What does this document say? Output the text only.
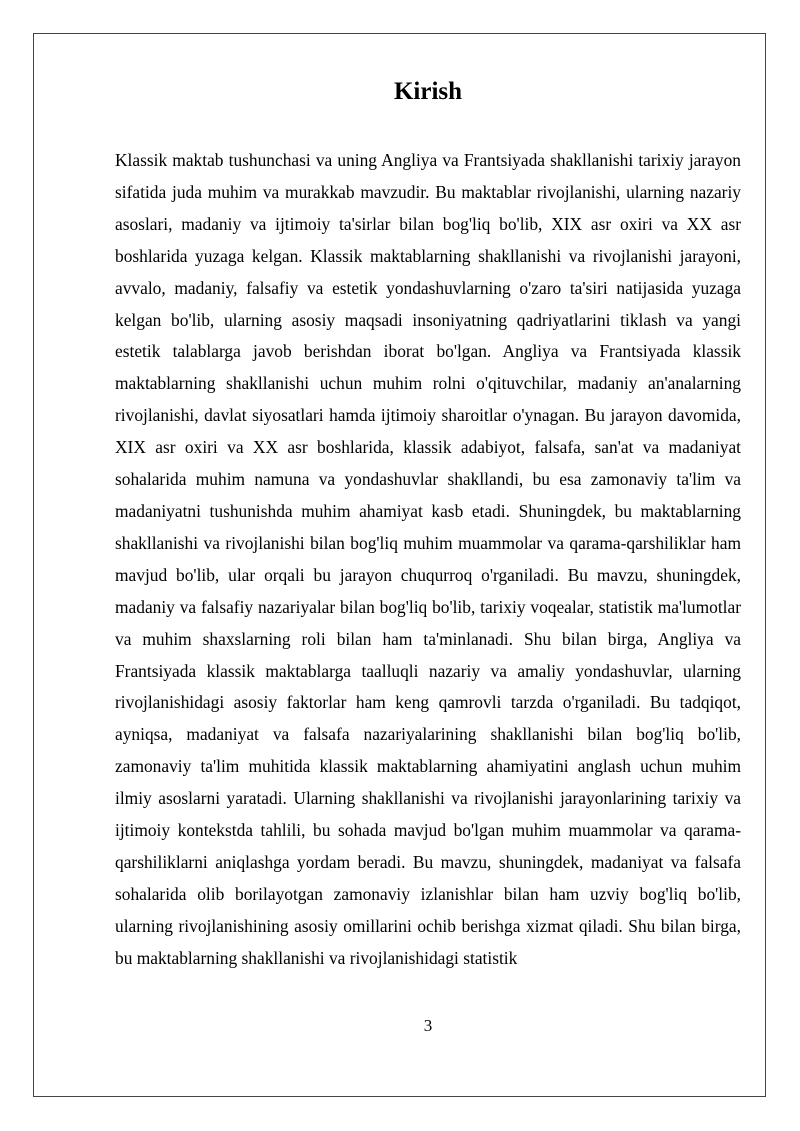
Kirish

Klassik maktab tushunchasi va uning Angliya va Frantsiyada shakllanishi tarixiy jarayon sifatida juda muhim va murakkab mavzudir. Bu maktablar rivojlanishi, ularning nazariy asoslari, madaniy va ijtimoiy ta'sirlar bilan bog'liq bo'lib, XIX asr oxiri va XX asr boshlarida yuzaga kelgan. Klassik maktablarning shakllanishi va rivojlanishi jarayoni, avvalo, madaniy, falsafiy va estetik yondashuvlarning o'zaro ta'siri natijasida yuzaga kelgan bo'lib, ularning asosiy maqsadi insoniyatning qadriyatlarini tiklash va yangi estetik talablarga javob berishdan iborat bo'lgan. Angliya va Frantsiyada klassik maktablarning shakllanishi uchun muhim rolni o'qituvchilar, madaniy an'analarning rivojlanishi, davlat siyosatlari hamda ijtimoiy sharoitlar o'ynagan. Bu jarayon davomida, XIX asr oxiri va XX asr boshlarida, klassik adabiyot, falsafa, san'at va madaniyat sohalarida muhim namuna va yondashuvlar shakllandi, bu esa zamonaviy ta'lim va madaniyatni tushunishda muhim ahamiyat kasb etadi. Shuningdek, bu maktablarning shakllanishi va rivojlanishi bilan bog'liq muhim muammolar va qarama-qarshiliklar ham mavjud bo'lib, ular orqali bu jarayon chuqurroq o'rganiladi. Bu mavzu, shuningdek, madaniy va falsafiy nazariyalar bilan bog'liq bo'lib, tarixiy voqealar, statistik ma'lumotlar va muhim shaxslarning roli bilan ham ta'minlanadi. Shu bilan birga, Angliya va Frantsiyada klassik maktablarga taalluqli nazariy va amaliy yondashuvlar, ularning rivojlanishidagi asosiy faktorlar ham keng qamrovli tarzda o'rganiladi. Bu tadqiqot, ayniqsa, madaniyat va falsafa nazariyalarining shakllanishi bilan bog'liq bo'lib, zamonaviy ta'lim muhitida klassik maktablarning ahamiyatini anglash uchun muhim ilmiy asoslarni yaratadi. Ularning shakllanishi va rivojlanishi jarayonlarining tarixiy va ijtimoiy kontekstda tahlili, bu sohada mavjud bo'lgan muhim muammolar va qarama-qarshiliklarni aniqlashga yordam beradi. Bu mavzu, shuningdek, madaniyat va falsafa sohalarida olib borilayotgan zamonaviy izlanishlar bilan ham uzviy bog'liq bo'lib, ularning rivojlanishining asosiy omillarini ochib berishga xizmat qiladi. Shu bilan birga, bu maktablarning shakllanishi va rivojlanishidagi statistik

3
